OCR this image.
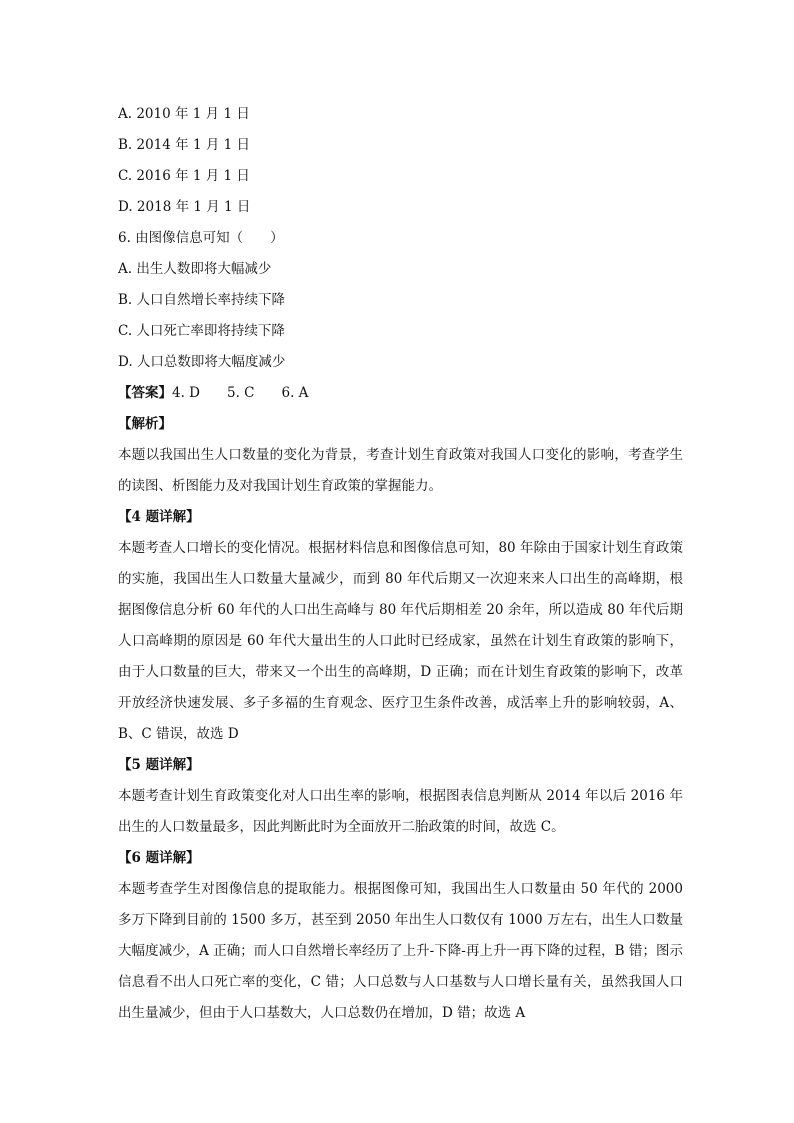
A. 2010 年 1 月 1 日
B. 2014 年 1 月 1 日
C. 2016 年 1 月 1 日
D. 2018 年 1 月 1 日
6. 由图像信息可知（　　）
A. 出生人数即将大幅减少
B. 人口自然增长率持续下降
C. 人口死亡率即将持续下降
D. 人口总数即将大幅度减少
【答案】4. D　　5. C　　6. A
【解析】
本题以我国出生人口数量的变化为背景，考查计划生育政策对我国人口变化的影响，考查学生的读图、析图能力及对我国计划生育政策的掌握能力。
【4 题详解】
本题考查人口增长的变化情况。根据材料信息和图像信息可知，80 年除由于国家计划生育政策的实施，我国出生人口数量大量减少，而到 80 年代后期又一次迎来来人口出生的高峰期，根据图像信息分析 60 年代的人口出生高峰与 80 年代后期相差 20 余年，所以造成 80 年代后期人口高峰期的原因是 60 年代大量出生的人口此时已经成家，虽然在计划生育政策的影响下，由于人口数量的巨大，带来又一个出生的高峰期，D 正确；而在计划生育政策的影响下，改革开放经济快速发展、多子多福的生育观念、医疗卫生条件改善，成活率上升的影响较弱，A、B、C 错误，故选 D
【5 题详解】
本题考查计划生育政策变化对人口出生率的影响，根据图表信息判断从 2014 年以后 2016 年出生的人口数量最多，因此判断此时为全面放开二胎政策的时间，故选 C。
【6 题详解】
本题考查学生对图像信息的提取能力。根据图像可知，我国出生人口数量由 50 年代的 2000 多万下降到目前的 1500 多万，甚至到 2050 年出生人口数仅有 1000 万左右，出生人口数量大幅度减少，A 正确；而人口自然增长率经历了上升-下降-再上升一再下降的过程，B 错；图示信息看不出人口死亡率的变化，C 错；人口总数与人口基数与人口增长量有关，虽然我国人口出生量减少，但由于人口基数大，人口总数仍在增加，D 错；故选 A
